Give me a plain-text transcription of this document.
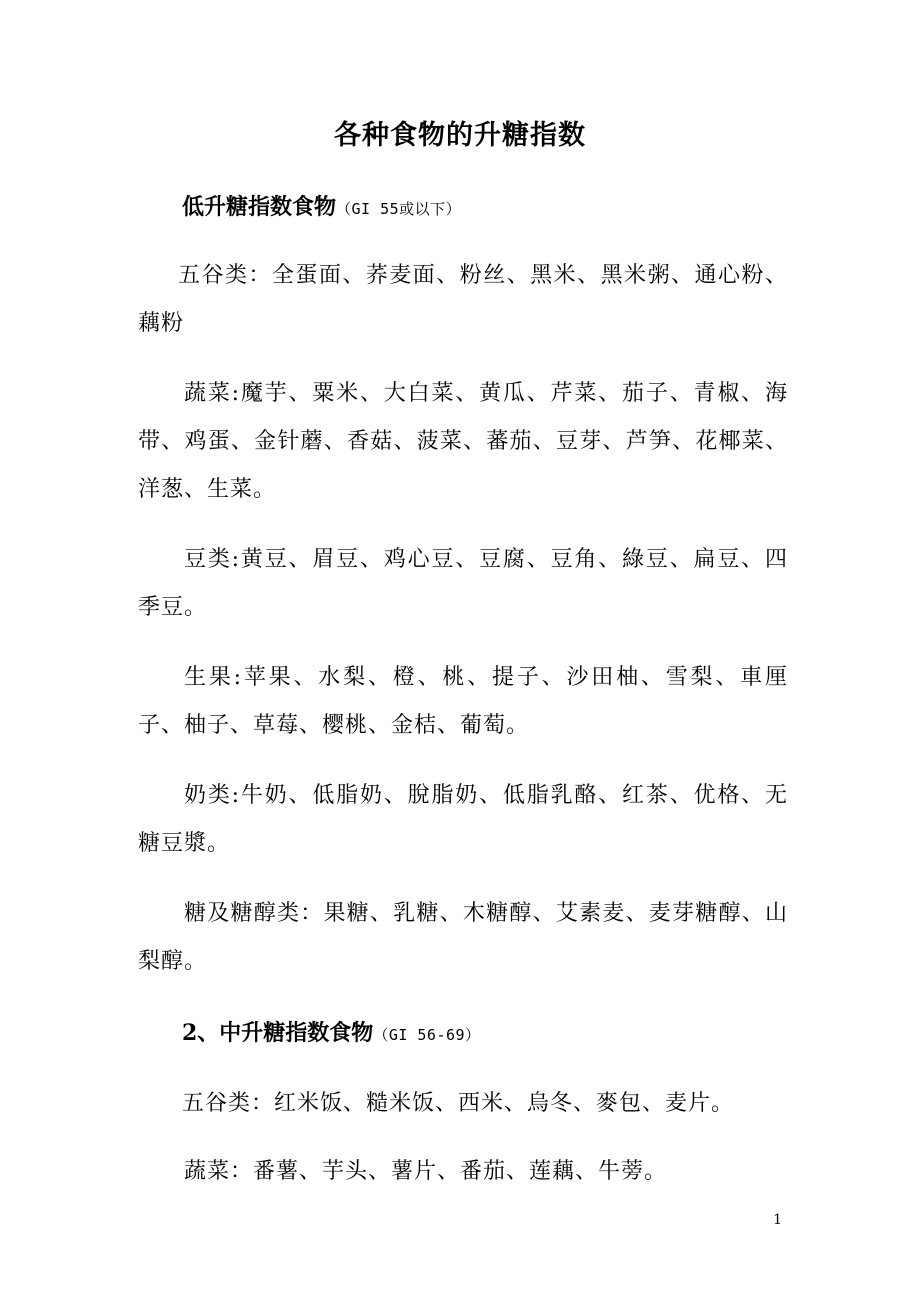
各种食物的升糖指数
低升糖指数食物（GI 55或以下）
五谷类：全蛋面、荞麦面、粉丝、黑米、黑米粥、通心粉、藕粉
蔬菜:魔芋、粟米、大白菜、黄瓜、芹菜、茄子、青椒、海带、鸡蛋、金针蘑、香菇、菠菜、蕃茄、豆芽、芦笋、花椰菜、洋葱、生菜。
豆类:黄豆、眉豆、鸡心豆、豆腐、豆角、綠豆、扁豆、四季豆。
生果:苹果、水梨、橙、桃、提子、沙田柚、雪梨、車厘子、柚子、草莓、樱桃、金桔、葡萄。
奶类:牛奶、低脂奶、脫脂奶、低脂乳酪、红茶、优格、无糖豆漿。
糖及糖醇类：果糖、乳糖、木糖醇、艾素麦、麦芽糖醇、山梨醇。
2、中升糖指数食物（GI 56-69）
五谷类：红米饭、糙米饭、西米、烏冬、麥包、麦片。
蔬菜：番薯、芋头、薯片、番茄、莲藕、牛蒡。
1
